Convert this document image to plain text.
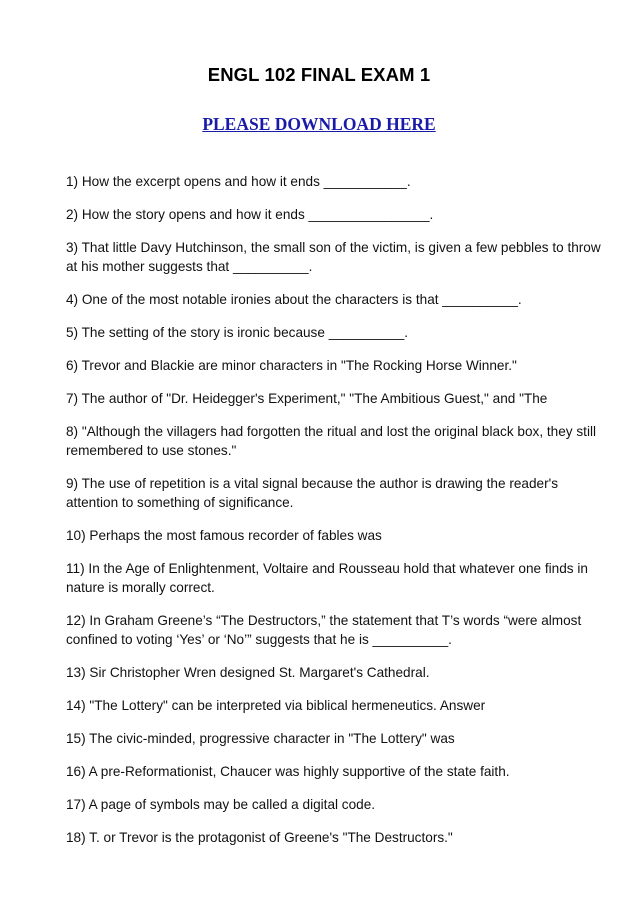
ENGL 102 FINAL EXAM 1
PLEASE DOWNLOAD HERE

1) How the excerpt opens and how it ends ___________.

2) How the story opens and how it ends ________________.

3) That little Davy Hutchinson, the small son of the victim, is given a few pebbles to throw at his mother suggests that __________.

4) One of the most notable ironies about the characters is that __________.

5) The setting of the story is ironic because __________.

6) Trevor and Blackie are minor characters in "The Rocking Horse Winner."

7) The author of "Dr. Heidegger's Experiment," "The Ambitious Guest," and "The

8) "Although the villagers had forgotten the ritual and lost the original black box, they still remembered to use stones."

9) The use of repetition is a vital signal because the author is drawing the reader's attention to something of significance.

10) Perhaps the most famous recorder of fables was

11) In the Age of Enlightenment, Voltaire and Rousseau hold that whatever one finds in nature is morally correct.

12) In Graham Greene’s “The Destructors,” the statement that T’s words “were almost confined to voting ‘Yes’ or ‘No’” suggests that he is __________.

13) Sir Christopher Wren designed St. Margaret's Cathedral.

14) "The Lottery" can be interpreted via biblical hermeneutics. Answer

15) The civic-minded, progressive character in "The Lottery" was

16) A pre-Reformationist, Chaucer was highly supportive of the state faith.

17) A page of symbols may be called a digital code.

18) T. or Trevor is the protagonist of Greene's "The Destructors."
